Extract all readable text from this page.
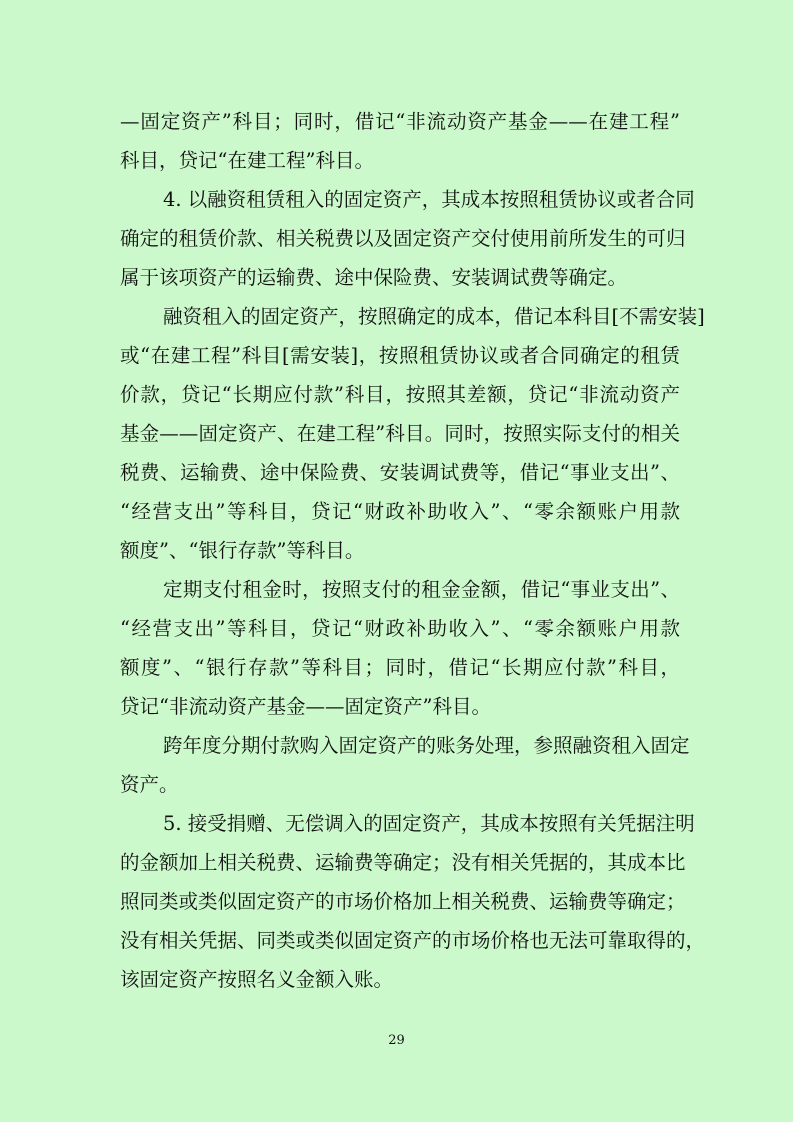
—固定资产”科目；同时，借记“非流动资产基金——在建工程”
科目，贷记“在建工程”科目。
4. 以融资租赁租入的固定资产，其成本按照租赁协议或者合同
确定的租赁价款、相关税费以及固定资产交付使用前所发生的可归
属于该项资产的运输费、途中保险费、安装调试费等确定。
融资租入的固定资产，按照确定的成本，借记本科目[不需安装]
或“在建工程”科目[需安装]，按照租赁协议或者合同确定的租赁
价款，贷记“长期应付款”科目，按照其差额，贷记“非流动资产
基金——固定资产、在建工程”科目。同时，按照实际支付的相关
税费、运输费、途中保险费、安装调试费等，借记“事业支出”、
“经营支出”等科目，贷记“财政补助收入”、“零余额账户用款
额度”、“银行存款”等科目。
定期支付租金时，按照支付的租金金额，借记“事业支出”、
“经营支出”等科目，贷记“财政补助收入”、“零余额账户用款
额度”、“银行存款”等科目；同时，借记“长期应付款”科目，
贷记“非流动资产基金——固定资产”科目。
跨年度分期付款购入固定资产的账务处理，参照融资租入固定
资产。
5. 接受捐赠、无偿调入的固定资产，其成本按照有关凭据注明
的金额加上相关税费、运输费等确定；没有相关凭据的，其成本比
照同类或类似固定资产的市场价格加上相关税费、运输费等确定；
没有相关凭据、同类或类似固定资产的市场价格也无法可靠取得的，
该固定资产按照名义金额入账。
29
